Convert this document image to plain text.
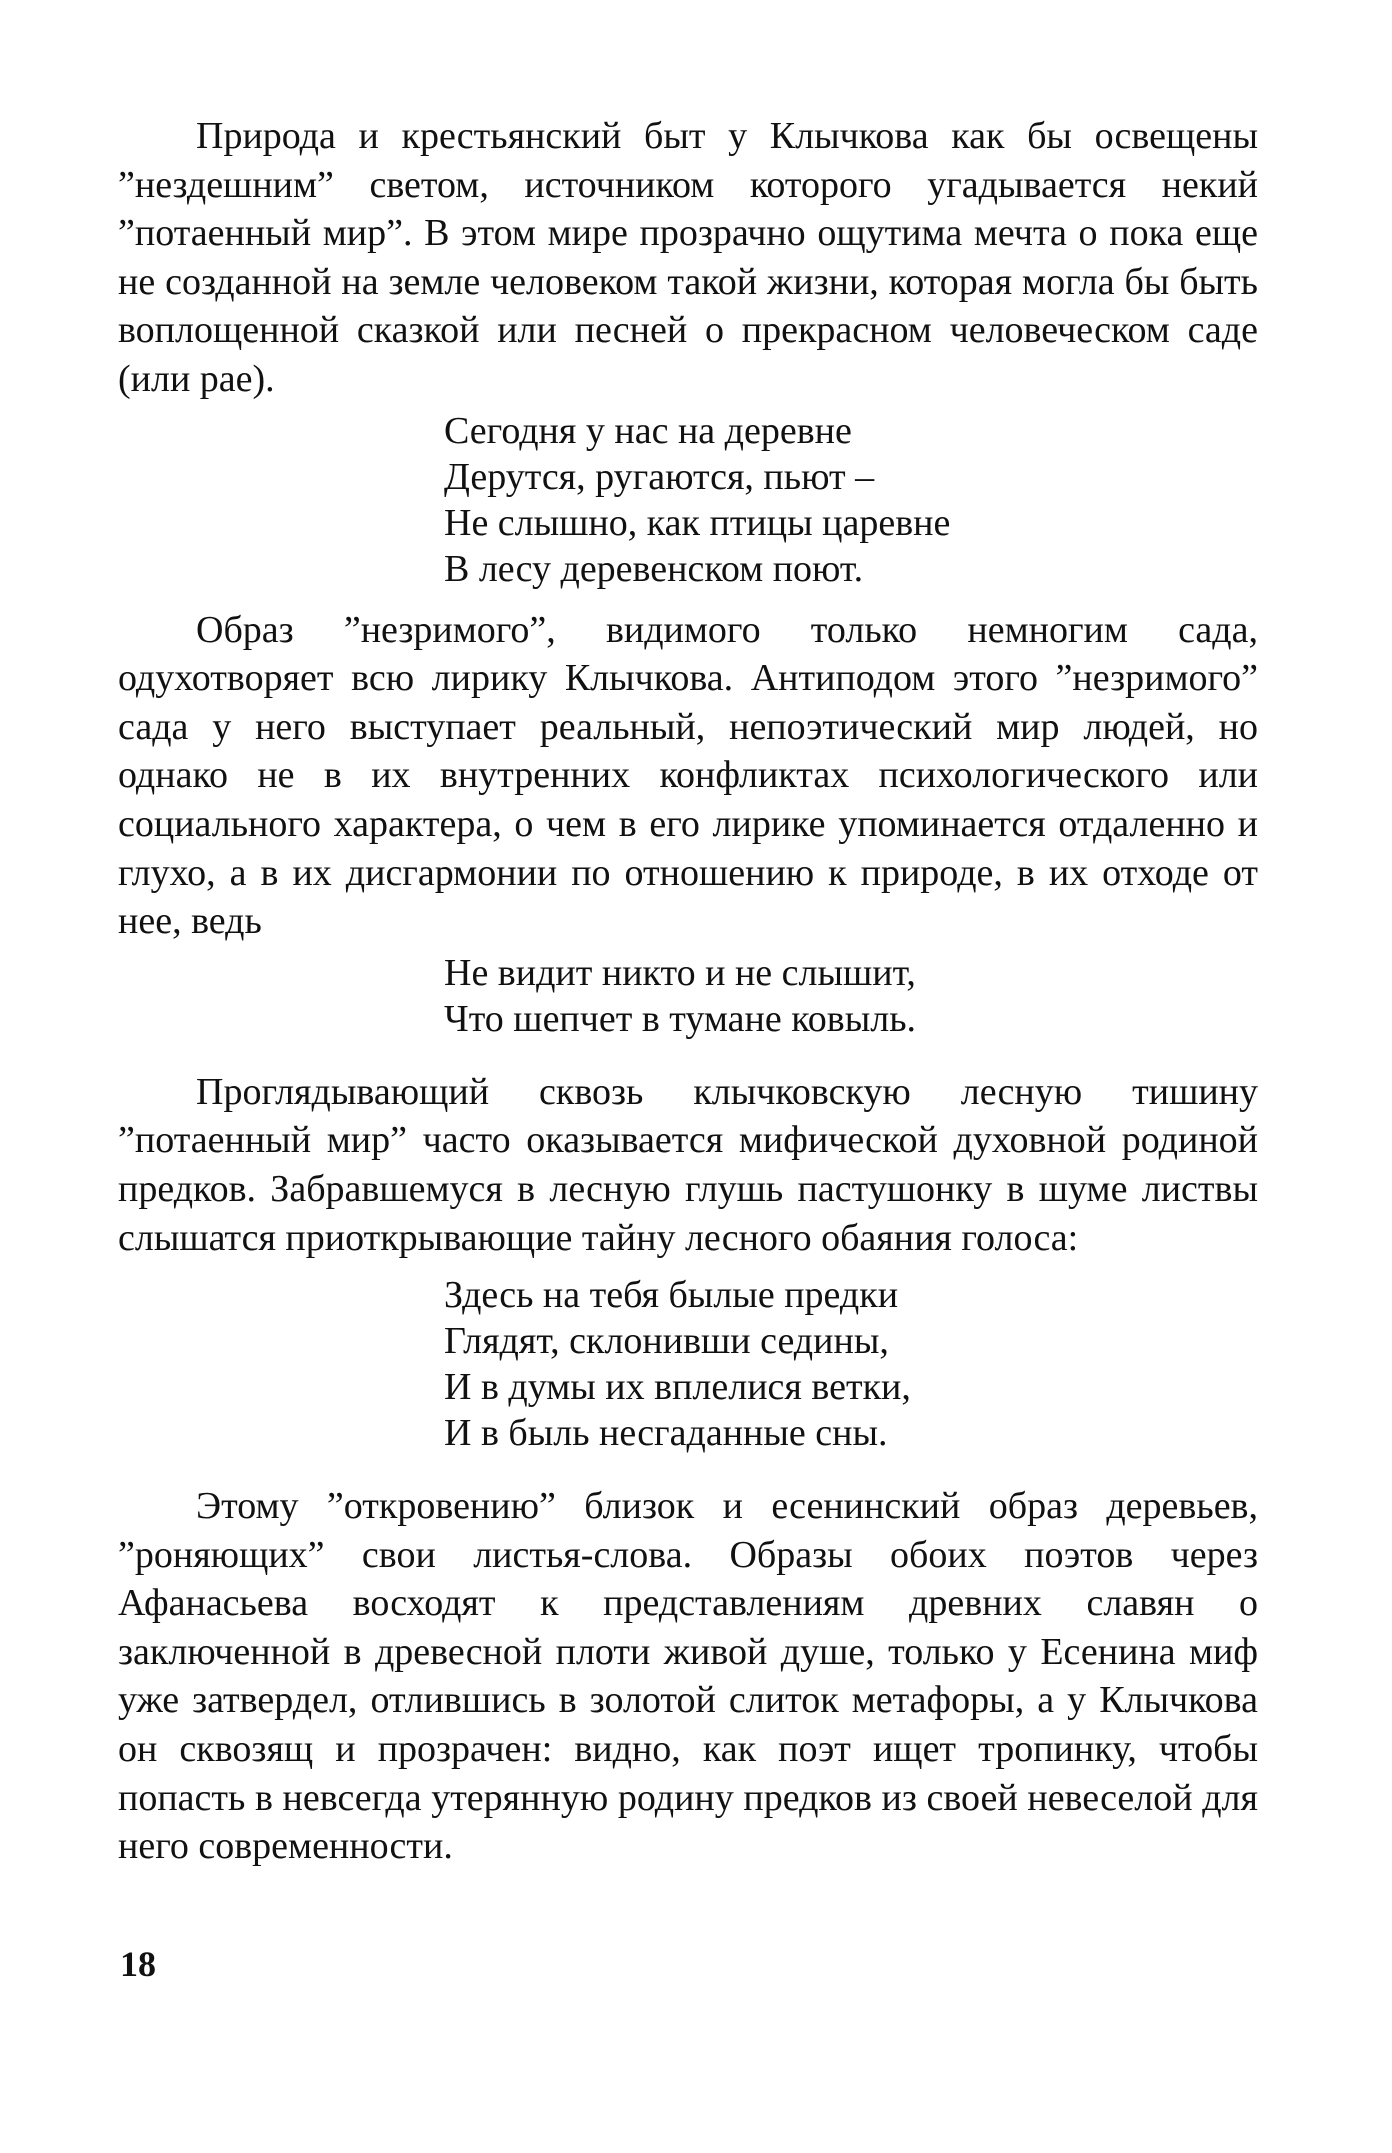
Природа и крестьянский быт у Клычкова как бы освещены ”нездешним” светом, источником которого угадывается некий ”потаенный мир”. В этом мире прозрачно ощутима мечта о пока еще не созданной на земле человеком такой жизни, которая могла бы быть воплощенной сказкой или песней о прекрасном человеческом саде (или рае).

Сегодня у нас на деревне
Дерутся, ругаются, пьют –
Не слышно, как птицы царевне
В лесу деревенском поют.

Образ ”незримого”, видимого только немногим сада, одухотворяет всю лирику Клычкова. Антиподом этого ”незримого” сада у него выступает реальный, непоэтический мир людей, но однако не в их внутренних конфликтах психологического или социального характера, о чем в его лирике упоминается отдаленно и глухо, а в их дисгармонии по отношению к природе, в их отходе от нее, ведь

Не видит никто и не слышит,
Что шепчет в тумане ковыль.

Проглядывающий сквозь клычковскую лесную тишину ”потаенный мир” часто оказывается мифической духовной родиной предков. Забравшемуся в лесную глушь пастушонку в шуме листвы слышатся приоткрывающие тайну лесного обаяния голоса:

Здесь на тебя былые предки
Глядят, склонивши седины,
И в думы их вплелися ветки,
И в быль несгаданные сны.

Этому ”откровению” близок и есенинский образ деревьев, ”роняющих” свои листья-слова. Образы обоих поэтов через Афанасьева восходят к представлениям древних славян о заключенной в древесной плоти живой душе, только у Есенина миф уже затвердел, отлившись в золотой слиток метафоры, а у Клычкова он сквозящ и прозрачен: видно, как поэт ищет тропинку, чтобы попасть в невсегда утерянную родину предков из своей невеселой для него современности.

18
